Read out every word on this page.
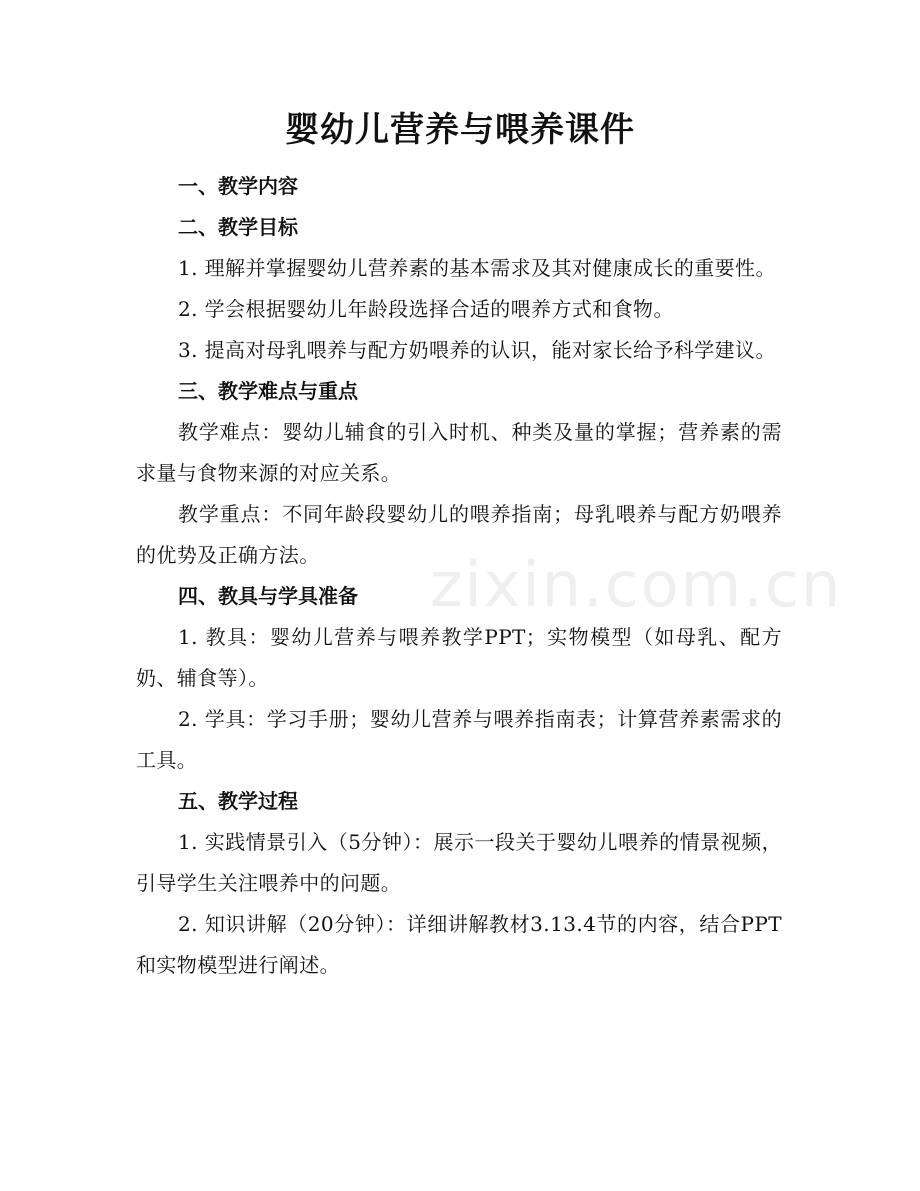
zixin.com.cn
婴幼儿营养与喂养课件

一、教学内容

二、教学目标

1. 理解并掌握婴幼儿营养素的基本需求及其对健康成长的重要性。

2. 学会根据婴幼儿年龄段选择合适的喂养方式和食物。

3. 提高对母乳喂养与配方奶喂养的认识，能对家长给予科学建议。

三、教学难点与重点

教学难点：婴幼儿辅食的引入时机、种类及量的掌握；营养素的需求量与食物来源的对应关系。

教学重点：不同年龄段婴幼儿的喂养指南；母乳喂养与配方奶喂养的优势及正确方法。

四、教具与学具准备

1. 教具：婴幼儿营养与喂养教学PPT；实物模型（如母乳、配方奶、辅食等）。

2. 学具：学习手册；婴幼儿营养与喂养指南表；计算营养素需求的工具。

五、教学过程

1. 实践情景引入（5分钟）：展示一段关于婴幼儿喂养的情景视频，引导学生关注喂养中的问题。

2. 知识讲解（20分钟）：详细讲解教材3.13.4节的内容，结合PPT和实物模型进行阐述。
